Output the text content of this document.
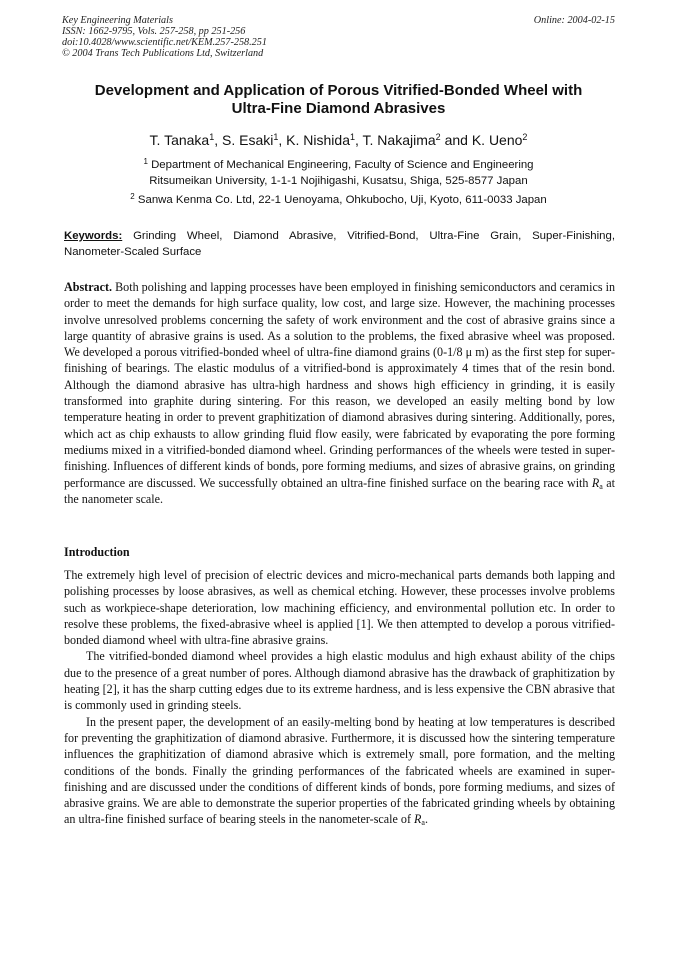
Key Engineering Materials	Online: 2004-02-15
ISSN: 1662-9795, Vols. 257-258, pp 251-256
doi:10.4028/www.scientific.net/KEM.257-258.251
© 2004 Trans Tech Publications Ltd, Switzerland
Development and Application of Porous Vitrified-Bonded Wheel with
Ultra-Fine Diamond Abrasives
T. Tanaka$^1$, S. Esaki$^1$, K. Nishida$^1$, T. Nakajima$^2$ and K. Ueno$^2$
$^1$ Department of Mechanical Engineering, Faculty of Science and Engineering
Ritsumeikan University, 1-1-1 Nojihigashi, Kusatsu, Shiga, 525-8577 Japan
$^2$ Sanwa Kenma Co. Ltd, 22-1 Uenoyama, Ohkubocho, Uji, Kyoto, 611-0033 Japan
Keywords: Grinding Wheel, Diamond Abrasive, Vitrified-Bond, Ultra-Fine Grain, Super-Finishing, Nanometer-Scaled Surface
Abstract. Both polishing and lapping processes have been employed in finishing semiconductors and ceramics in order to meet the demands for high surface quality, low cost, and large size. However, the machining processes involve unresolved problems concerning the safety of work environment and the cost of abrasive grains since a large quantity of abrasive grains is used. As a solution to the problems, the fixed abrasive wheel was proposed. We developed a porous vitrified-bonded wheel of ultra-fine diamond grains (0-1/8 μ m) as the first step for super-finishing of bearings. The elastic modulus of a vitrified-bond is approximately 4 times that of the resin bond. Although the diamond abrasive has ultra-high hardness and shows high efficiency in grinding, it is easily transformed into graphite during sintering. For this reason, we developed an easily melting bond by low temperature heating in order to prevent graphitization of diamond abrasives during sintering. Additionally, pores, which act as chip exhausts to allow grinding fluid flow easily, were fabricated by evaporating the pore forming mediums mixed in a vitrified-bonded diamond wheel. Grinding performances of the wheels were tested in super-finishing. Influences of different kinds of bonds, pore forming mediums, and sizes of abrasive grains, on grinding performance are discussed. We successfully obtained an ultra-fine finished surface on the bearing race with $R_a$ at the nanometer scale.
Introduction

The extremely high level of precision of electric devices and micro-mechanical parts demands both lapping and polishing processes by loose abrasives, as well as chemical etching. However, these processes involve problems such as workpiece-shape deterioration, low machining efficiency, and environmental pollution etc. In order to resolve these problems, the fixed-abrasive wheel is applied [1]. We then attempted to develop a porous vitrified-bonded diamond wheel with ultra-fine abrasive grains.

The vitrified-bonded diamond wheel provides a high elastic modulus and high exhaust ability of the chips due to the presence of a great number of pores. Although diamond abrasive has the drawback of graphitization by heating [2], it has the sharp cutting edges due to its extreme hardness, and is less expensive the CBN abrasive that is commonly used in grinding steels.

In the present paper, the development of an easily-melting bond by heating at low temperatures is described for preventing the graphitization of diamond abrasive. Furthermore, it is discussed how the sintering temperature influences the graphitization of diamond abrasive which is extremely small, pore formation, and the melting conditions of the bonds. Finally the grinding performances of the fabricated wheels are examined in super-finishing and are discussed under the conditions of different kinds of bonds, pore forming mediums, and sizes of abrasive grains. We are able to demonstrate the superior properties of the fabricated grinding wheels by obtaining an ultra-fine finished surface of bearing steels in the nanometer-scale of $R_a$.
